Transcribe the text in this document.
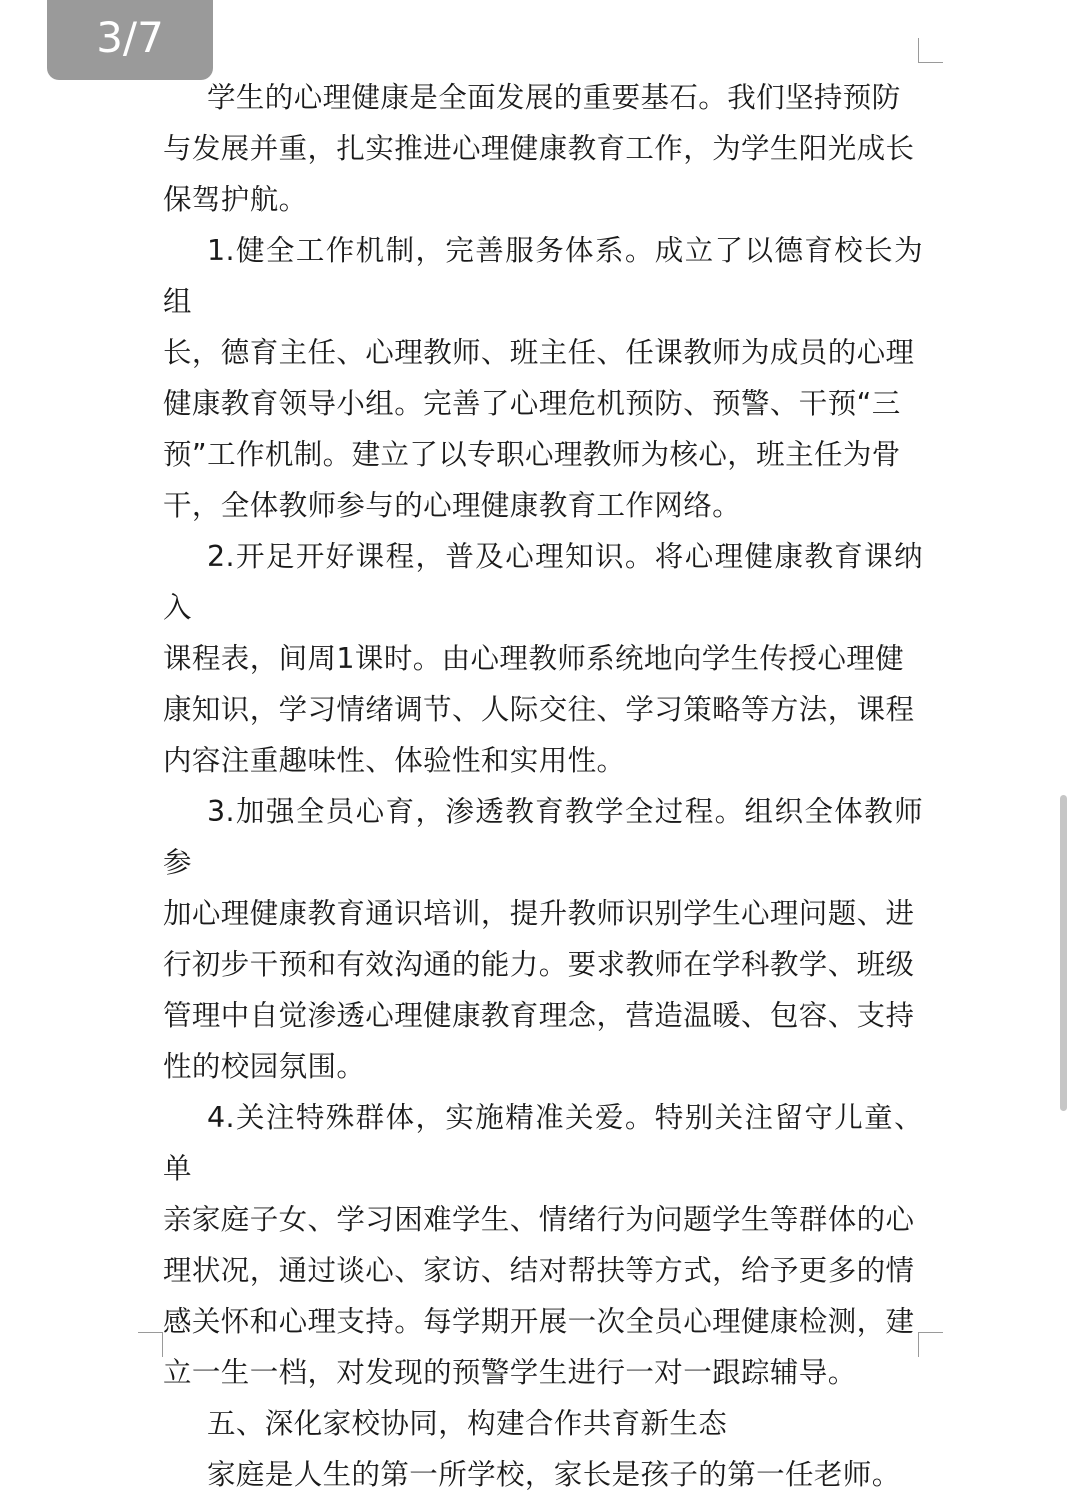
3/7

学生的心理健康是全面发展的重要基石。我们坚持预防
与发展并重，扎实推进心理健康教育工作，为学生阳光成长
保驾护航。

1.健全工作机制，完善服务体系。成立了以德育校长为组
长，德育主任、心理教师、班主任、任课教师为成员的心理
健康教育领导小组。完善了心理危机预防、预警、干预“三
预”工作机制。建立了以专职心理教师为核心，班主任为骨
干，全体教师参与的心理健康教育工作网络。

2.开足开好课程，普及心理知识。将心理健康教育课纳入
课程表，间周1课时。由心理教师系统地向学生传授心理健
康知识，学习情绪调节、人际交往、学习策略等方法，课程
内容注重趣味性、体验性和实用性。

3.加强全员心育，渗透教育教学全过程。组织全体教师参
加心理健康教育通识培训，提升教师识别学生心理问题、进
行初步干预和有效沟通的能力。要求教师在学科教学、班级
管理中自觉渗透心理健康教育理念，营造温暖、包容、支持
性的校园氛围。

4.关注特殊群体，实施精准关爱。特别关注留守儿童、单
亲家庭子女、学习困难学生、情绪行为问题学生等群体的心
理状况，通过谈心、家访、结对帮扶等方式，给予更多的情
感关怀和心理支持。每学期开展一次全员心理健康检测，建
立一生一档，对发现的预警学生进行一对一跟踪辅导。

五、深化家校协同，构建合作共育新生态

家庭是人生的第一所学校，家长是孩子的第一任老师。
